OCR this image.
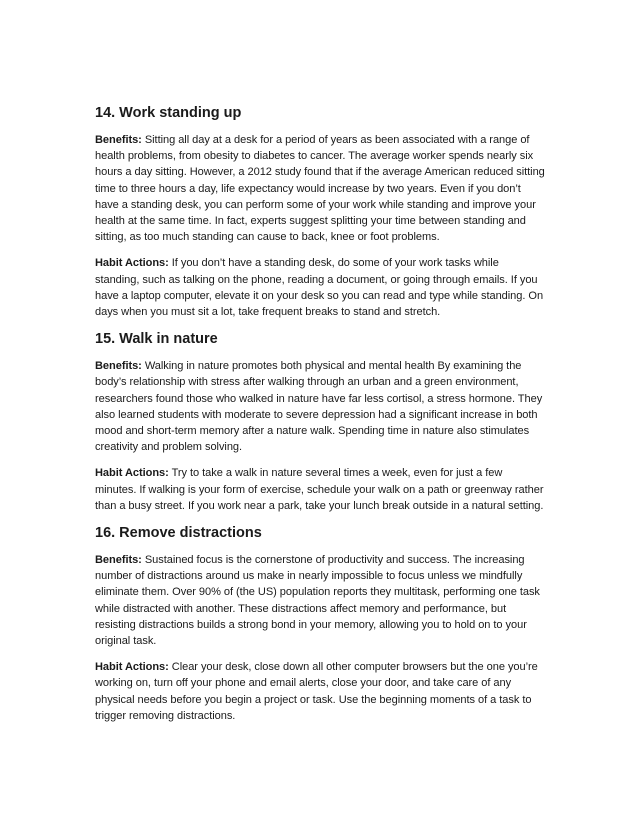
14. Work standing up

Benefits: Sitting all day at a desk for a period of years as been associated with a range of health problems, from obesity to diabetes to cancer. The average worker spends nearly six hours a day sitting. However, a 2012 study found that if the average American reduced sitting time to three hours a day, life expectancy would increase by two years. Even if you don’t have a standing desk, you can perform some of your work while standing and improve your health at the same time. In fact, experts suggest splitting your time between standing and sitting, as too much standing can cause to back, knee or foot problems.

Habit Actions: If you don’t have a standing desk, do some of your work tasks while standing, such as talking on the phone, reading a document, or going through emails. If you have a laptop computer, elevate it on your desk so you can read and type while standing. On days when you must sit a lot, take frequent breaks to stand and stretch.

15. Walk in nature

Benefits: Walking in nature promotes both physical and mental health By examining the body’s relationship with stress after walking through an urban and a green environment, researchers found those who walked in nature have far less cortisol, a stress hormone. They also learned students with moderate to severe depression had a significant increase in both mood and short-term memory after a nature walk. Spending time in nature also stimulates creativity and problem solving.

Habit Actions: Try to take a walk in nature several times a week, even for just a few minutes. If walking is your form of exercise, schedule your walk on a path or greenway rather than a busy street. If you work near a park, take your lunch break outside in a natural setting.

16. Remove distractions

Benefits: Sustained focus is the cornerstone of productivity and success. The increasing number of distractions around us make in nearly impossible to focus unless we mindfully eliminate them. Over 90% of (the US) population reports they multitask, performing one task while distracted with another. These distractions affect memory and performance, but resisting distractions builds a strong bond in your memory, allowing you to hold on to your original task.

Habit Actions: Clear your desk, close down all other computer browsers but the one you’re working on, turn off your phone and email alerts, close your door, and take care of any physical needs before you begin a project or task. Use the beginning moments of a task to trigger removing distractions.
